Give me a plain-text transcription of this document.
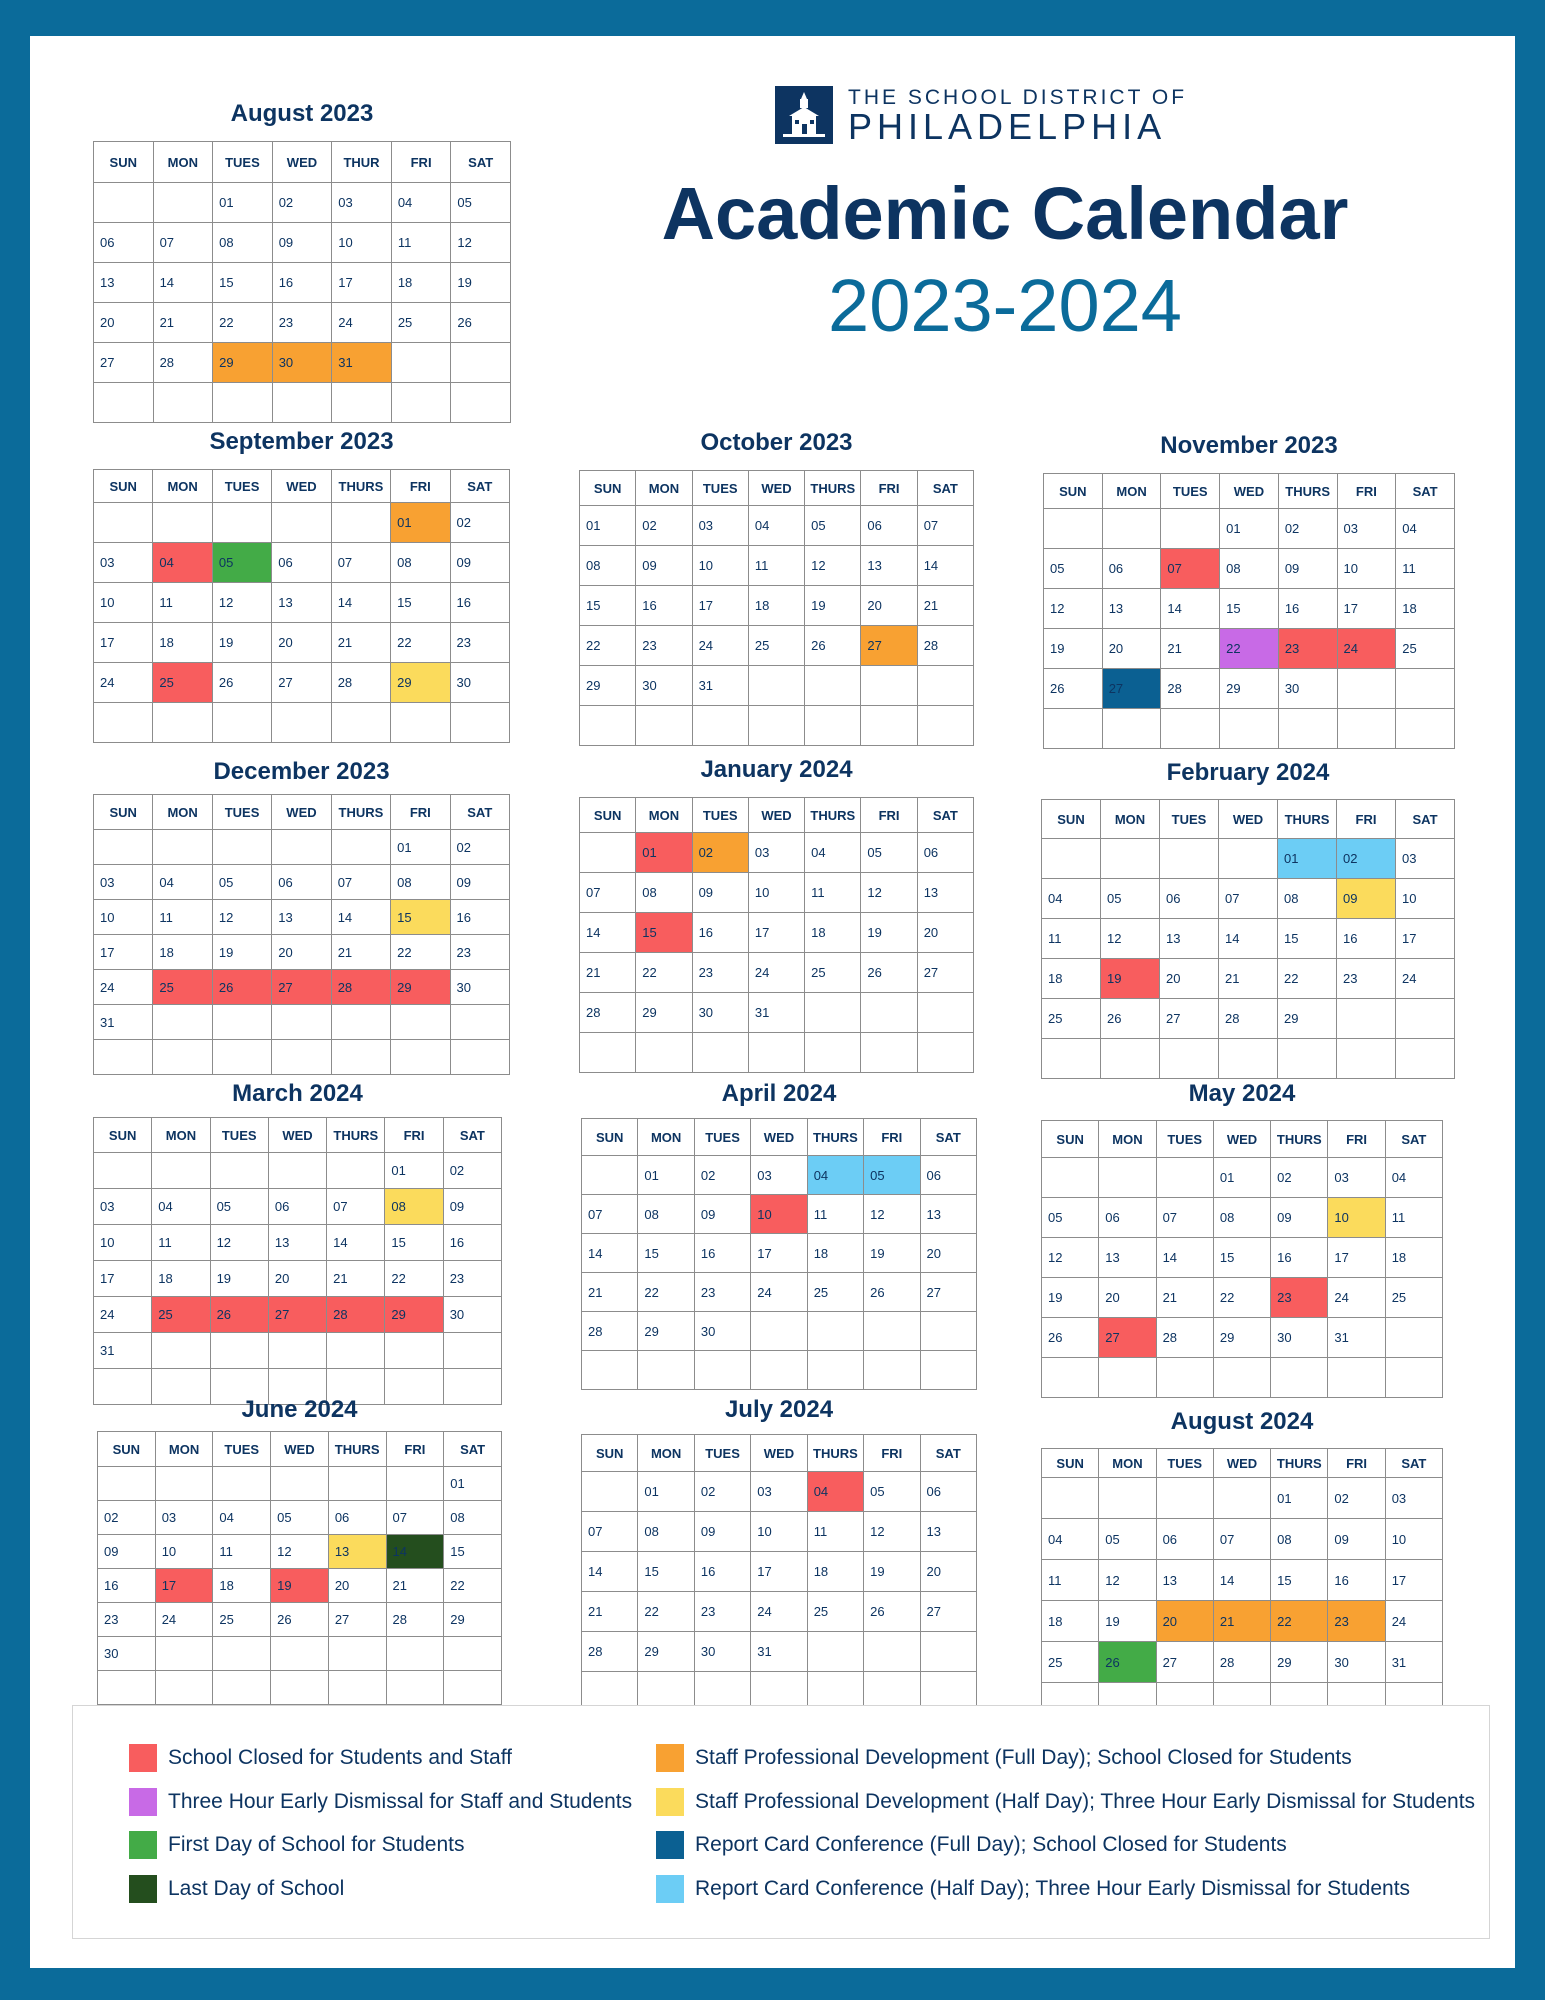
THE SCHOOL DISTRICT OF
PHILADELPHIA
Academic Calendar
2023-2024
August 2023
SUN	MON	TUES	WED	THUR	FRI	SAT
		01	02	03	04	05
06	07	08	09	10	11	12
13	14	15	16	17	18	19
20	21	22	23	24	25	26
27	28	29	30	31		

September 2023
SUN	MON	TUES	WED	THURS	FRI	SAT
					01	02
03	04	05	06	07	08	09
10	11	12	13	14	15	16
17	18	19	20	21	22	23
24	25	26	27	28	29	30

October 2023
SUN	MON	TUES	WED	THURS	FRI	SAT
01	02	03	04	05	06	07
08	09	10	11	12	13	14
15	16	17	18	19	20	21
22	23	24	25	26	27	28
29	30	31				

November 2023
SUN	MON	TUES	WED	THURS	FRI	SAT
			01	02	03	04
05	06	07	08	09	10	11
12	13	14	15	16	17	18
19	20	21	22	23	24	25
26	27	28	29	30		

December 2023
SUN	MON	TUES	WED	THURS	FRI	SAT
					01	02
03	04	05	06	07	08	09
10	11	12	13	14	15	16
17	18	19	20	21	22	23
24	25	26	27	28	29	30
31						

January 2024
SUN	MON	TUES	WED	THURS	FRI	SAT
	01	02	03	04	05	06
07	08	09	10	11	12	13
14	15	16	17	18	19	20
21	22	23	24	25	26	27
28	29	30	31			

February 2024
SUN	MON	TUES	WED	THURS	FRI	SAT
				01	02	03
04	05	06	07	08	09	10
11	12	13	14	15	16	17
18	19	20	21	22	23	24
25	26	27	28	29		

March 2024
SUN	MON	TUES	WED	THURS	FRI	SAT
					01	02
03	04	05	06	07	08	09
10	11	12	13	14	15	16
17	18	19	20	21	22	23
24	25	26	27	28	29	30
31						

April 2024
SUN	MON	TUES	WED	THURS	FRI	SAT
	01	02	03	04	05	06
07	08	09	10	11	12	13
14	15	16	17	18	19	20
21	22	23	24	25	26	27
28	29	30				

May 2024
SUN	MON	TUES	WED	THURS	FRI	SAT
			01	02	03	04
05	06	07	08	09	10	11
12	13	14	15	16	17	18
19	20	21	22	23	24	25
26	27	28	29	30	31	

June 2024
SUN	MON	TUES	WED	THURS	FRI	SAT
						01
02	03	04	05	06	07	08
09	10	11	12	13	14	15
16	17	18	19	20	21	22
23	24	25	26	27	28	29
30						

July 2024
SUN	MON	TUES	WED	THURS	FRI	SAT
	01	02	03	04	05	06
07	08	09	10	11	12	13
14	15	16	17	18	19	20
21	22	23	24	25	26	27
28	29	30	31			

August 2024
SUN	MON	TUES	WED	THURS	FRI	SAT
				01	02	03
04	05	06	07	08	09	10
11	12	13	14	15	16	17
18	19	20	21	22	23	24
25	26	27	28	29	30	31

School Closed for Students and Staff
Three Hour Early Dismissal for Staff and Students
First Day of School for Students
Last Day of School
Staff Professional Development (Full Day); School Closed for Students
Staff Professional Development (Half Day); Three Hour Early Dismissal for Students
Report Card Conference (Full Day); School Closed for Students
Report Card Conference (Half Day); Three Hour Early Dismissal for Students
